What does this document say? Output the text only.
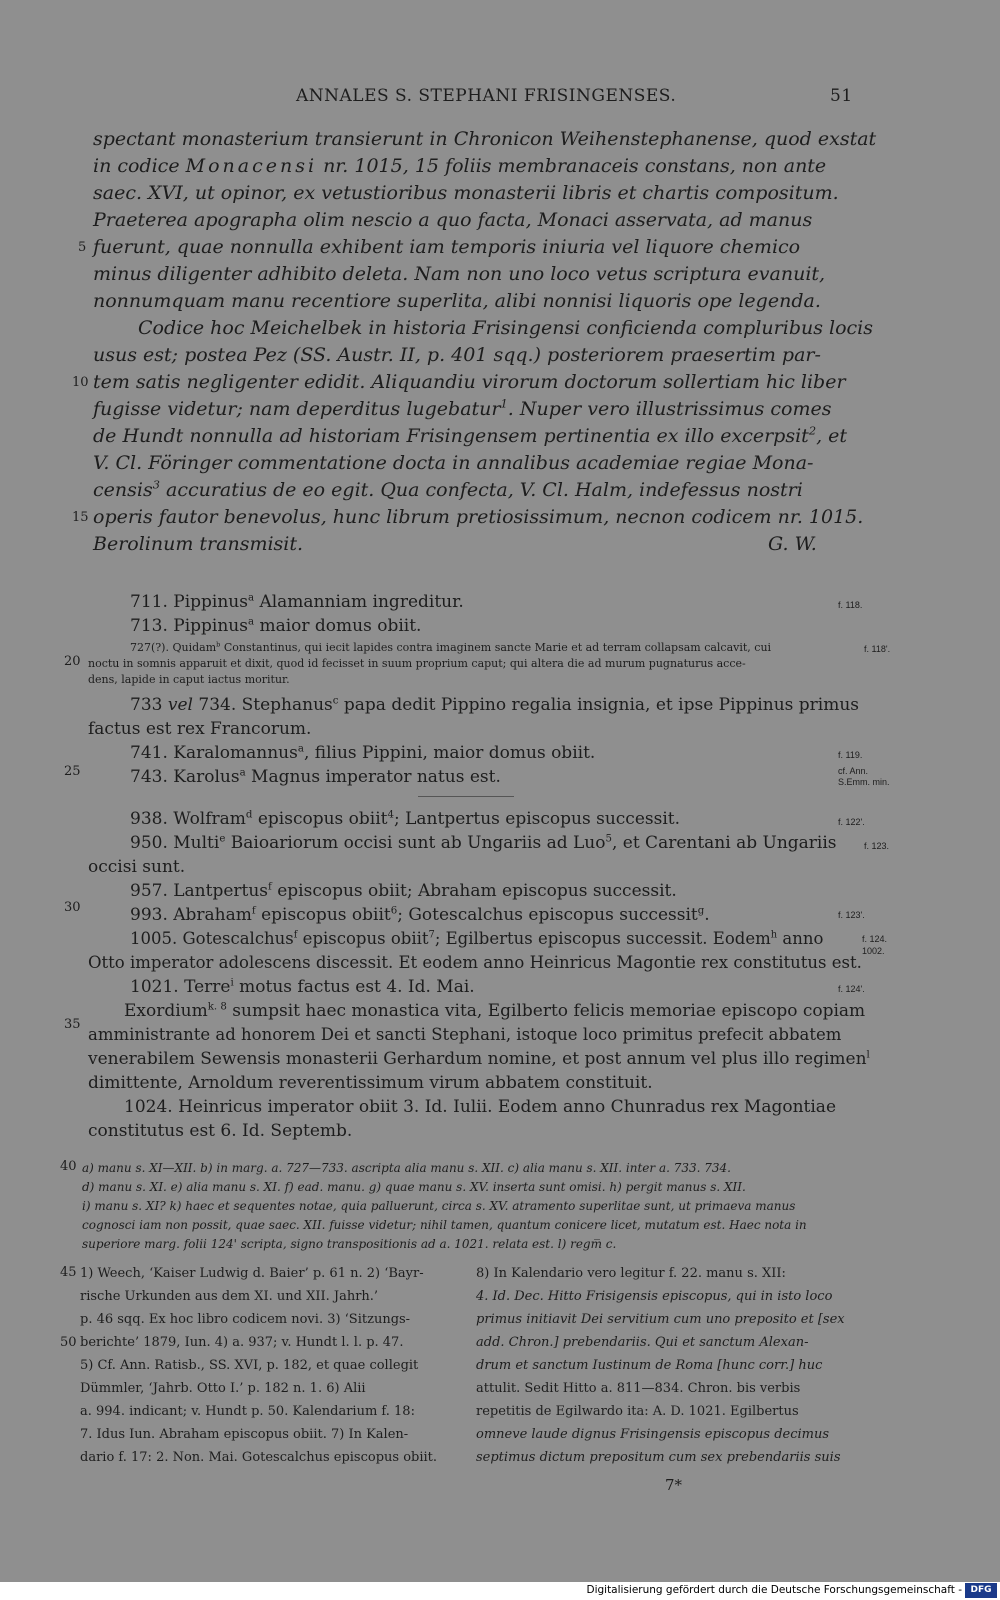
ANNALES S. STEPHANI FRISINGENSES.	51
spectant monasterium transierunt in Chronicon Weihenstephanense, quod exstat
in codice Monacensi nr. 1015, 15 foliis membranaceis constans, non ante
saec. XVI, ut opinor, ex vetustioribus monasterii libris et chartis compositum.
Praeterea apographa olim nescio a quo facta, Monaci asservata, ad manus
fuerunt, quae nonnulla exhibent iam temporis iniuria vel liquore chemico
minus diligenter adhibito deleta. Nam non uno loco vetus scriptura evanuit,
nonnumquam manu recentiore superlita, alibi nonnisi liquoris ope legenda.
Codice hoc Meichelbek in historia Frisingensi conficienda compluribus locis
usus est; postea Pez (SS. Austr. II, p. 401 sqq.) posteriorem praesertim par-
tem satis negligenter edidit. Aliquandiu virorum doctorum sollertiam hic liber
fugisse videtur; nam deperditus lugebatur$^1$. Nuper vero illustrissimus comes
de Hundt nonnulla ad historiam Frisingensem pertinentia ex illo excerpsit$^2$, et
V. Cl. Föringer commentatione docta in annalibus academiae regiae Mona-
censis$^3$ accuratius de eo egit. Qua confecta, V. Cl. Halm, indefessus nostri
operis fautor benevolus, hunc librum pretiosissimum, necnon codicem nr. 1015.
Berolinum transmisit.	G. W.
5
10
15
20
25
30
35
40
45
50
f. 118.
f. 118'.
f. 119.
cf. Ann.
S.Emm. min.
f. 122'.
f. 123.
f. 123'.
f. 124.
1002.
f. 124'.
711. Pippinus$^a$ Alamanniam ingreditur.
713. Pippinus$^a$ maior domus obiit.
727(?). Quidam$^b$ Constantinus, qui iecit lapides contra imaginem sancte Marie et ad terram collapsam calcavit, cui
noctu in somnis apparuit et dixit, quod id fecisset in suum proprium caput; qui altera die ad murum pugnaturus acce-
dens, lapide in caput iactus moritur.
733 vel 734. Stephanus$^c$ papa dedit Pippino regalia insignia, et ipse Pippinus primus
factus est rex Francorum.
741. Karalomannus$^a$, filius Pippini, maior domus obiit.
743. Karolus$^a$ Magnus imperator natus est.
938. Wolfram$^d$ episcopus obiit$^4$; Lantpertus episcopus successit.
950. Multi$^e$ Baioariorum occisi sunt ab Ungariis ad Luo$^5$, et Carentani ab Ungariis
occisi sunt.
957. Lantpertus$^f$ episcopus obiit; Abraham episcopus successit.
993. Abraham$^f$ episcopus obiit$^6$; Gotescalchus episcopus successit$^g$.
1005. Gotescalchus$^f$ episcopus obiit$^7$; Egilbertus episcopus successit. Eodem$^h$ anno
Otto imperator adolescens discessit. Et eodem anno Heinricus Magontie rex constitutus est.
1021. Terre$^i$ motus factus est 4. Id. Mai.
Exordium$^{k. 8}$ sumpsit haec monastica vita, Egilberto felicis memoriae episcopo copiam
amministrante ad honorem Dei et sancti Stephani, istoque loco primitus prefecit abbatem
venerabilem Sewensis monasterii Gerhardum nomine, et post annum vel plus illo regimen$^l$
dimittente, Arnoldum reverentissimum virum abbatem constituit.
1024. Heinricus imperator obiit 3. Id. Iulii. Eodem anno Chunradus rex Magontiae
constitutus est 6. Id. Septemb.
a) manu s. XI—XII. b) in marg. a. 727—733. ascripta alia manu s. XII. c) alia manu s. XII. inter a. 733. 734.
d) manu s. XI. e) alia manu s. XI. f) ead. manu. g) quae manu s. XV. inserta sunt omisi. h) pergit manus s. XII.
i) manu s. XI? k) haec et sequentes notae, quia palluerunt, circa s. XV. atramento superlitae sunt, ut primaeva manus
cognosci iam non possit, quae saec. XII. fuisse videtur; nihil tamen, quantum conicere licet, mutatum est. Haec nota in
superiore marg. folii 124' scripta, signo transpositionis ad a. 1021. relata est. l) regm̅ c.
1) Weech, ‘Kaiser Ludwig d. Baier’ p. 61 n. 2) ‘Bayr-
rische Urkunden aus dem XI. und XII. Jahrh.’
p. 46 sqq. Ex hoc libro codicem novi. 3) ‘Sitzungs-
berichte’ 1879, Iun. 4) a. 937; v. Hundt l. l. p. 47.
5) Cf. Ann. Ratisb., SS. XVI, p. 182, et quae collegit
Dümmler, ‘Jahrb. Otto I.’ p. 182 n. 1. 6) Alii
a. 994. indicant; v. Hundt p. 50. Kalendarium f. 18:
7. Idus Iun. Abraham episcopus obiit. 7) In Kalen-
dario f. 17: 2. Non. Mai. Gotescalchus episcopus obiit.
8) In Kalendario vero legitur f. 22. manu s. XII:
4. Id. Dec. Hitto Frisigensis episcopus, qui in isto loco
primus initiavit Dei servitium cum uno preposito et [sex
add. Chron.] prebendariis. Qui et sanctum Alexan-
drum et sanctum Iustinum de Roma [hunc corr.] huc
attulit. Sedit Hitto a. 811—834. Chron. bis verbis
repetitis de Egilwardo ita: A. D. 1021. Egilbertus
omneve laude dignus Frisingensis episcopus decimus
septimus dictum prepositum cum sex prebendariis suis
7*
Digitalisierung gefördert durch die Deutsche Forschungsgemeinschaft - DFG
